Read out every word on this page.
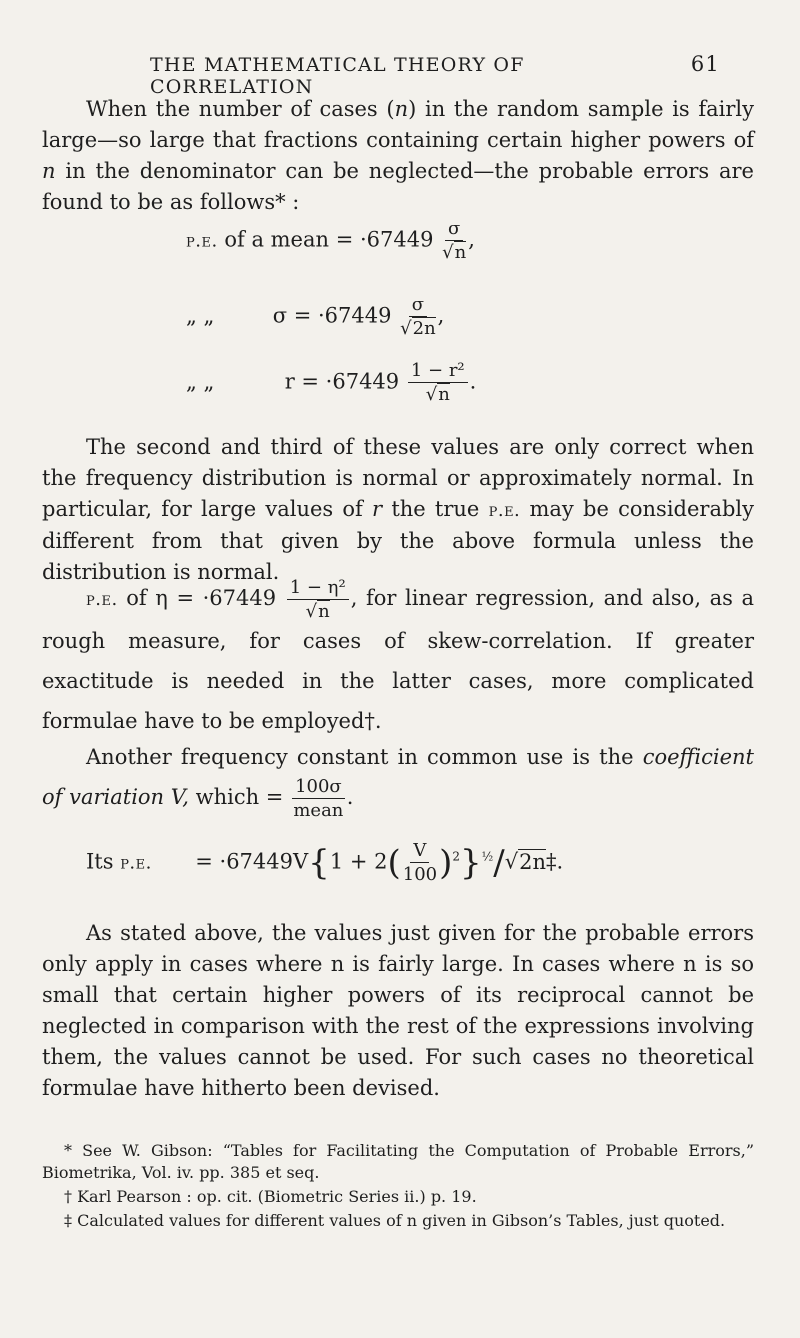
THE MATHEMATICAL THEORY OF CORRELATION
61
When the number of cases (n) in the random sample is fairly large—so large that fractions containing certain higher powers of n in the denominator can be neglected—the probable errors are found to be as follows* :
p.e. of a mean = $\cdot 67449 \frac{\sigma}{√n}$ ,
„ „	$\sigma = \cdot 67449 \frac{\sigma}{√2n}$ ,
„ „	$r = \cdot 67449 \frac{\text{1 − r²}}{√n}$ .
The second and third of these values are only correct when the frequency distribution is normal or approximately normal. In particular, for large values of r the true p.e. may be considerably different from that given by the above formula unless the distribution is normal.
p.e. of $\eta = \cdot 67449 \frac{\text{1 − η²}}{√n}$ , for linear regression, and also, as a rough measure, for cases of skew-correlation. If greater exactitude is needed in the latter cases, more complicated formulae have to be employed†.
Another frequency constant in common use is the coefficient of variation V, which = $\frac{100\sigma}{\text{mean}}$ .
Its p.e. = $\cdot 67449V\{1 + 2( \frac{V}{100}$ )$^2\}^{\frac{1}{2}}/√2n\ddagger$.
As stated above, the values just given for the probable errors only apply in cases where n is fairly large. In cases where n is so small that certain higher powers of its reciprocal cannot be neglected in comparison with the rest of the expressions involving them, the values cannot be used. For such cases no theoretical formulae have hitherto been devised.
* See W. Gibson: “Tables for Facilitating the Computation of Probable Errors,” Biometrika, Vol. iv. pp. 385 et seq.
† Karl Pearson : op. cit. (Biometric Series ii.) p. 19.
‡ Calculated values for different values of n given in Gibson’s Tables, just quoted.
